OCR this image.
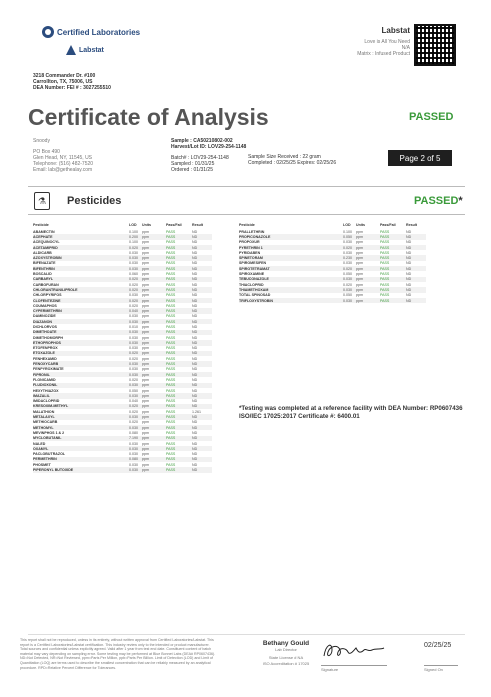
Certified Laboratories
Labstat
Labstat
Love is All You Need
N/A
Matrix : Infused Product
3218 Commander Dr. #100
Carrollton, TX, 75006, US
DEA Number: FEI # : 3027255510
Certificate of Analysis	PASSED
Snoody
PO Box 490
Glen Head, NY, 11545, US
Telephone: (516) 482-7520
Email: lab@gethealay.com
Sample : CA50210802-002
Harvest/Lot ID: LOV29-254-1148
Batch# : LOV29-254-1148
Sampled : 01/31/25
Ordered : 01/31/25
Sample Size Received : 22 gram
Completed : 02/25/25 Expires: 02/25/26
Page 2 of 5
⚗	Pesticides	PASSED*
Pesticide	LOD	Units	Pass/Fail	Result
ABAMECTIN	0.100	ppm	PASS	ND
ACEPHATE	0.200	ppm	PASS	ND
ACEQUINOCYL	0.100	ppm	PASS	ND
ACETAMIPRID	0.020	ppm	PASS	ND
ALDICARB	0.030	ppm	PASS	ND
AZOXYSTROBIN	0.030	ppm	PASS	ND
BIFENAZATE	0.030	ppm	PASS	ND
BIFENTHRIN	0.030	ppm	PASS	ND
BOSCALID	0.060	ppm	PASS	ND
CARBARYL	0.020	ppm	PASS	ND
CARBOFURAN	0.020	ppm	PASS	ND
CHLORANTRANILIPROLE	0.020	ppm	PASS	ND
CHLORPYRIFOS	0.030	ppm	PASS	ND
CLOFENTEZINE	0.020	ppm	PASS	ND
COUMAPHOS	0.020	ppm	PASS	ND
CYPERMETHRIN	0.040	ppm	PASS	ND
DAMINOZIDE	0.030	ppm	PASS	ND
DIAZANON	0.030	ppm	PASS	ND
DICHLORVOS	0.010	ppm	PASS	ND
DIMETHOATE	0.030	ppm	PASS	ND
DIMETHOMORPH	0.030	ppm	PASS	ND
ETHOPROPHOS	0.030	ppm	PASS	ND
ETOFENPROX	0.030	ppm	PASS	ND
ETOXAZOLE	0.020	ppm	PASS	ND
FENHEXAMID	0.020	ppm	PASS	ND
FENOXYCARB	0.030	ppm	PASS	ND
FENPYROXIMATE	0.030	ppm	PASS	ND
FIPRONIL	0.030	ppm	PASS	ND
FLONICAMID	0.020	ppm	PASS	ND
FLUDIOXONIL	0.030	ppm	PASS	ND
HEXYTHIAZOX	0.050	ppm	PASS	ND
IMAZALIL	0.030	ppm	PASS	ND
IMIDACLOPRID	0.040	ppm	PASS	ND
KRESOXIM-METHYL	0.020	ppm	PASS	ND
MALATHION	0.020	ppm	PASS	1.261
METALAXYL	0.030	ppm	PASS	ND
METHIOCARB	0.020	ppm	PASS	ND
METHOMYL	0.030	ppm	PASS	ND
MEVINPHOS 1 & 2	0.080	ppm	PASS	ND
MYCLOBUTANIL	7.190	ppm	PASS	ND
NALED	0.030	ppm	PASS	ND
OXAMYL	0.030	ppm	PASS	ND
PACLOBUTRAZOL	0.030	ppm	PASS	ND
PERMETHRIN	0.080	ppm	PASS	ND
PHOSMET	0.030	ppm	PASS	ND
PIPERONYL BUTOXIDE	0.030	ppm	PASS	ND
Pesticide	LOD	Units	Pass/Fail	Result
PRALLETHRIN	0.100	ppm	PASS	ND
PROPICONAZOLE	0.050	ppm	PASS	ND
PROPOXUR	0.030	ppm	PASS	ND
PYRETHRIN 1	0.020	ppm	PASS	ND
PYRIDABEN	0.030	ppm	PASS	ND
SPINETORAM	0.230	ppm	PASS	ND
SPIROMESIFEN	0.030	ppm	PASS	ND
SPIROTETRAMAT	0.020	ppm	PASS	ND
SPIROXAMINE	0.050	ppm	PASS	ND
TEBUCONAZOLE	0.030	ppm	PASS	ND
THIACLOPRID	0.020	ppm	PASS	ND
THIAMETHOXAM	0.030	ppm	PASS	ND
TOTAL SPINOSAD	0.050	ppm	PASS	ND
TRIFLOXYSTROBIN	0.030	ppm	PASS	ND
*Testing was completed at a reference facility with DEA Number: RP0607436 ISO/IEC 17025:2017 Certificate #: 6400.01
This report shall not be reproduced, unless in its entirety, without written approval from Certified Laboratories/Labstat. This report is a Certified Laboratories/Labstat certification. This industry review only to the intended or product manufacturer. Total sources and confidential unless explicitly agreed. Valid after 1 year from test end date. Constituent content of batch material may vary depending on sampling error. Some testing may be performed at Blue Bonnet Labs (DEA# RP0607436). ND=Not Detected, NR=Not Reviewed, ppm=Parts Per Million, ppb=Parts Per Billion. Limit of Detection (LOD) and Limit of Quantitation (LOQ) are terms used to describe the smallest concentration that can be reliably measured by an analytical procedure. RPD=Relative Percent Difference for Tolerances.
Bethany Gould
Lab Director
State License # NA
ISO Accreditation # 17025
Signature
02/25/25
Signed On
